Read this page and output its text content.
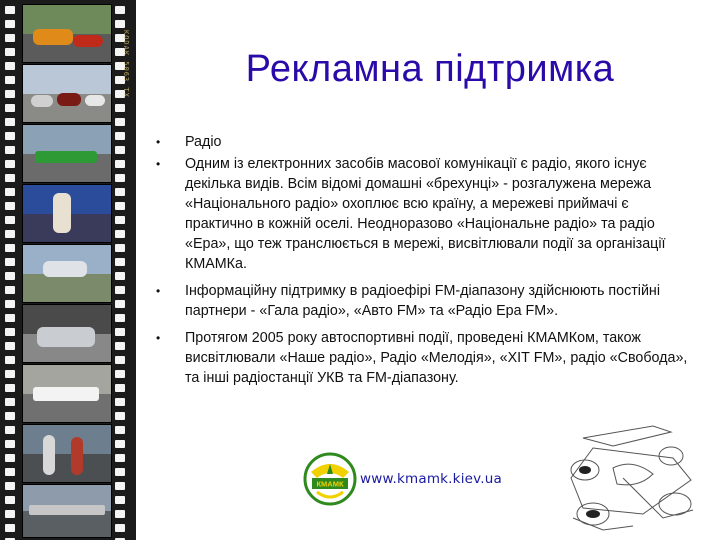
KODAK 5063 TX	Рекламна підтримка
• Радіо
• Одним із електронних засобів масової комунікації є радіо, якого існує декілька видів. Всім відомі домашні «брехунці» - розгалужена мережа «Національного радіо» охоплює всю країну, а мережеві приймачі є практично в кожній оселі. Неодноразово «Національне радіо» та радіо «Ера», що теж транслюється в мережі, висвітлювали події за організації КМАМКа.
• Інформаційну підтримку в радіоефірі FM-діапазону здійснюють постійні партнери - «Гала радіо», «Авто FM» та «Радіо Ера FM».
• Протягом 2005 року автоспортивні події, проведені КМАМКом, також висвітлювали «Наше радіо», Радіо «Мелодія», «ХІТ FM», радіо «Свобода», та інші радіостанції УКВ та FM-діапазону.
КМАМК www.kmamk.kiev.ua
